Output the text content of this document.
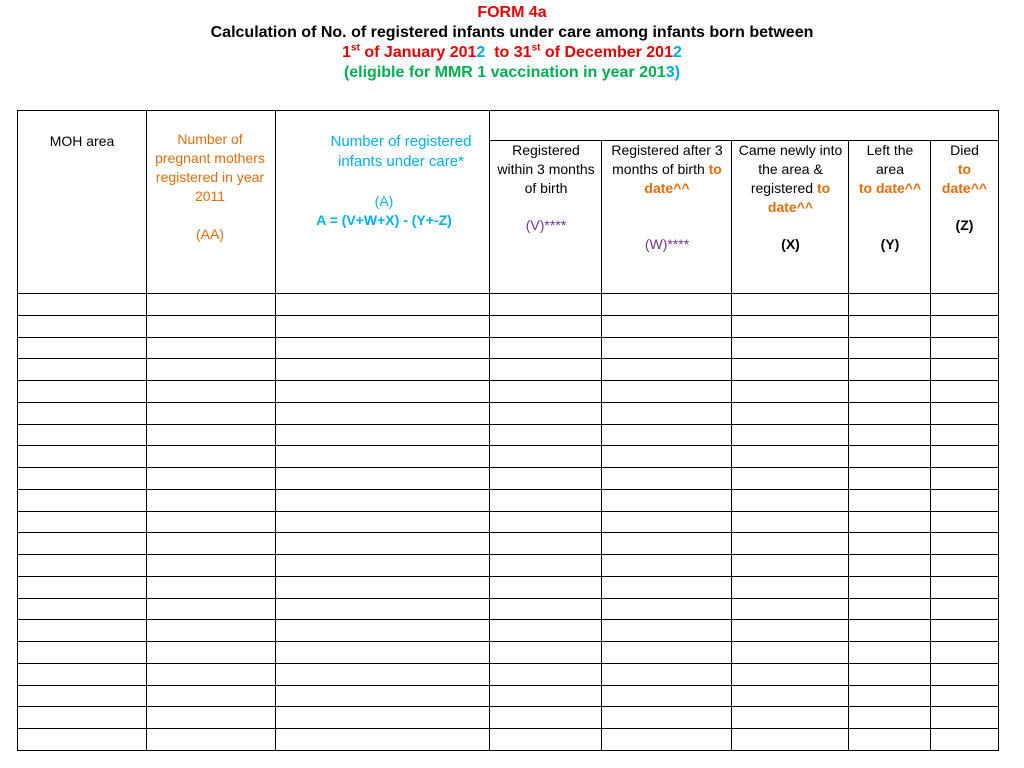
FORM 4a
Calculation of No. of registered infants under care among infants born between
1st of January 2012  to 31st of December 2012
(eligible for MMR 1 vaccination in year 2013)
MOH area	Number of pregnant mothers registered in year 2011
(AA)
Number of registered infants under care*
(A)
A = (V+W+X) - (Y+-Z)
Registered within 3 months of birth
(V)****
Registered after 3 months of birth to date^^
(W)****
Came newly into the area & registered to
date^^
(X)
Left the
area
to date^^
(Y)
Died
to
date^^
(Z)
